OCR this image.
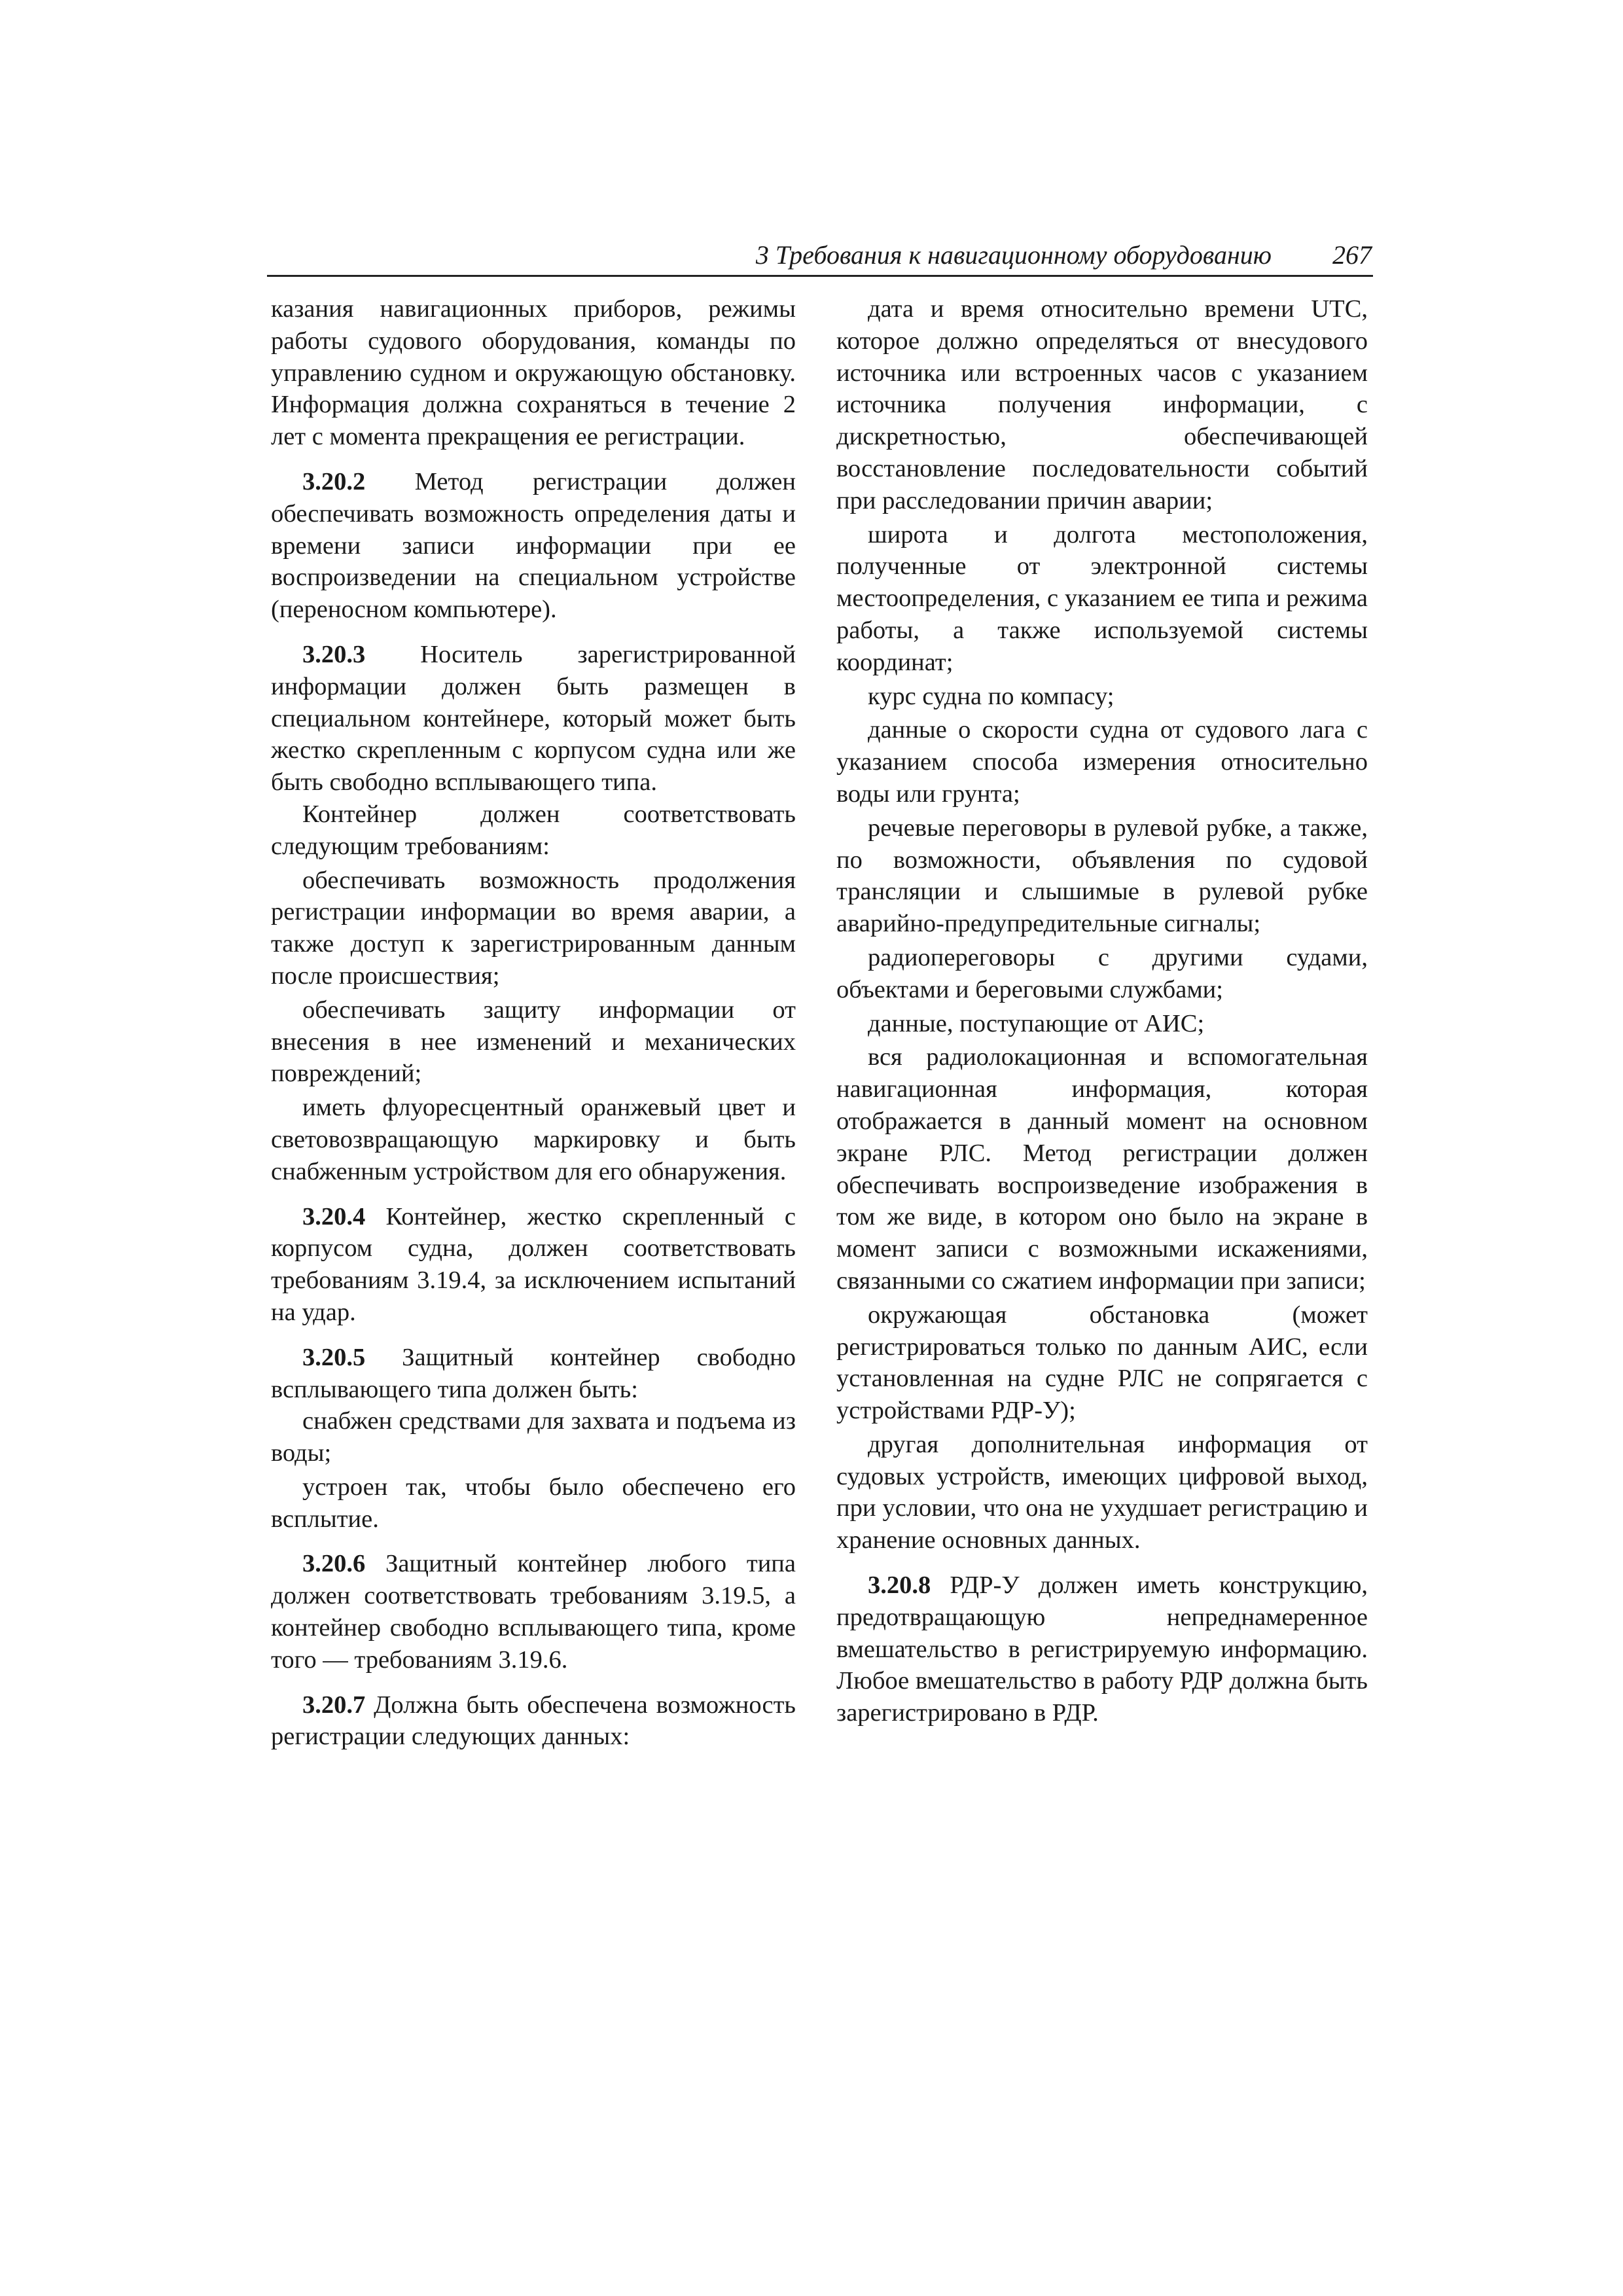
3 Требования к навигационному оборудованию 267

казания навигационных приборов, режимы работы судового оборудования, команды по управлению судном и окружающую обстановку. Информация должна сохраняться в течение 2 лет с момента прекращения ее регистрации.

3.20.2 Метод регистрации должен обеспечивать возможность определения даты и времени записи информации при ее воспроизведении на специальном устройстве (переносном компьютере).

3.20.3 Носитель зарегистрированной информации должен быть размещен в специальном контейнере, который может быть жестко скрепленным с корпусом судна или же быть свободно всплывающего типа.

Контейнер должен соответствовать следующим требованиям:

обеспечивать возможность продолжения регистрации информации во время аварии, а также доступ к зарегистрированным данным после происшествия;

обеспечивать защиту информации от внесения в нее изменений и механических повреждений;

иметь флуоресцентный оранжевый цвет и световозвращающую маркировку и быть снабженным устройством для его обнаружения.

3.20.4 Контейнер, жестко скрепленный с корпусом судна, должен соответствовать требованиям 3.19.4, за исключением испытаний на удар.

3.20.5 Защитный контейнер свободно всплывающего типа должен быть:

снабжен средствами для захвата и подъема из воды;

устроен так, чтобы было обеспечено его всплытие.

3.20.6 Защитный контейнер любого типа должен соответствовать требованиям 3.19.5, а контейнер свободно всплывающего типа, кроме того — требованиям 3.19.6.

3.20.7 Должна быть обеспечена возможность регистрации следующих данных:

дата и время относительно времени UTC, которое должно определяться от внесудового источника или встроенных часов с указанием источника получения информации, с дискретностью, обеспечивающей восстановление последовательности событий при расследовании причин аварии;

широта и долгота местоположения, полученные от электронной системы местоопределения, с указанием ее типа и режима работы, а также используемой системы координат;

курс судна по компасу;

данные о скорости судна от судового лага с указанием способа измерения относительно воды или грунта;

речевые переговоры в рулевой рубке, а также, по возможности, объявления по судовой трансляции и слышимые в рулевой рубке аварийно-предупредительные сигналы;

радиопереговоры с другими судами, объектами и береговыми службами;

данные, поступающие от АИС;

вся радиолокационная и вспомогательная навигационная информация, которая отображается в данный момент на основном экране РЛС. Метод регистрации должен обеспечивать воспроизведение изображения в том же виде, в котором оно было на экране в момент записи с возможными искажениями, связанными со сжатием информации при записи;

окружающая обстановка (может регистрироваться только по данным АИС, если установленная на судне РЛС не сопрягается с устройствами РДР-У);

другая дополнительная информация от судовых устройств, имеющих цифровой выход, при условии, что она не ухудшает регистрацию и хранение основных данных.

3.20.8 РДР-У должен иметь конструкцию, предотвращающую непреднамеренное вмешательство в регистрируемую информацию. Любое вмешательство в работу РДР должна быть зарегистрировано в РДР.
